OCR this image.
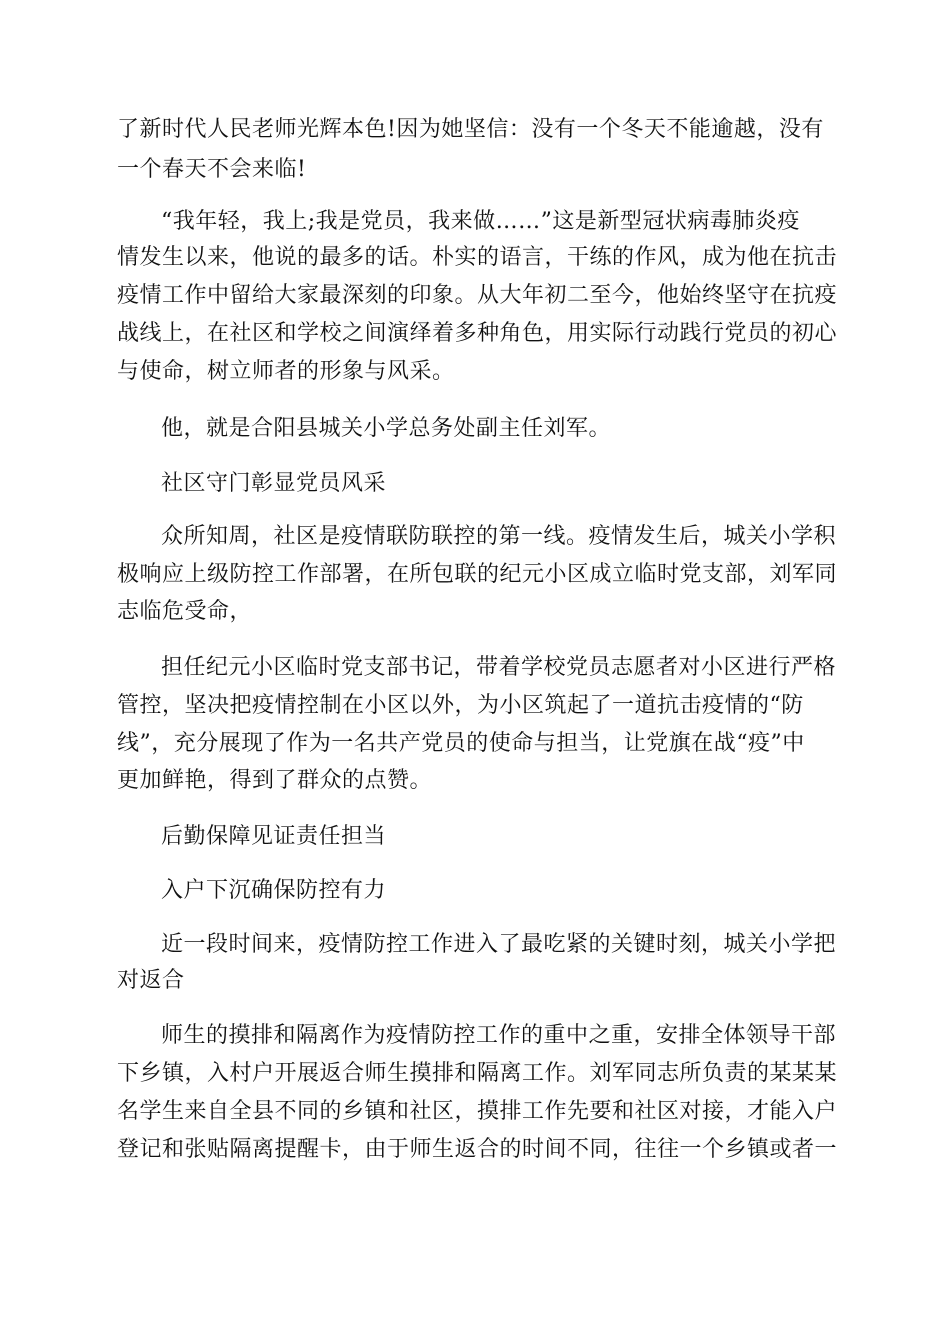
了新时代人民老师光辉本色!因为她坚信：没有一个冬天不能逾越，没有

一个春天不会来临!

“我年轻，我上;我是党员，我来做……”这是新型冠状病毒肺炎疫

情发生以来，他说的最多的话。朴实的语言，干练的作风，成为他在抗击

疫情工作中留给大家最深刻的印象。从大年初二至今，他始终坚守在抗疫

战线上，在社区和学校之间演绎着多种角色，用实际行动践行党员的初心

与使命，树立师者的形象与风采。

他，就是合阳县城关小学总务处副主任刘军。

社区守门彰显党员风采

众所知周，社区是疫情联防联控的第一线。疫情发生后，城关小学积

极响应上级防控工作部署，在所包联的纪元小区成立临时党支部，刘军同

志临危受命，

担任纪元小区临时党支部书记，带着学校党员志愿者对小区进行严格

管控，坚决把疫情控制在小区以外，为小区筑起了一道抗击疫情的“防

线”，充分展现了作为一名共产党员的使命与担当，让党旗在战“疫”中

更加鲜艳，得到了群众的点赞。

后勤保障见证责任担当

入户下沉确保防控有力

近一段时间来，疫情防控工作进入了最吃紧的关键时刻，城关小学把

对返合

师生的摸排和隔离作为疫情防控工作的重中之重，安排全体领导干部

下乡镇，入村户开展返合师生摸排和隔离工作。刘军同志所负责的某某某

名学生来自全县不同的乡镇和社区，摸排工作先要和社区对接，才能入户

登记和张贴隔离提醒卡，由于师生返合的时间不同，往往一个乡镇或者一
